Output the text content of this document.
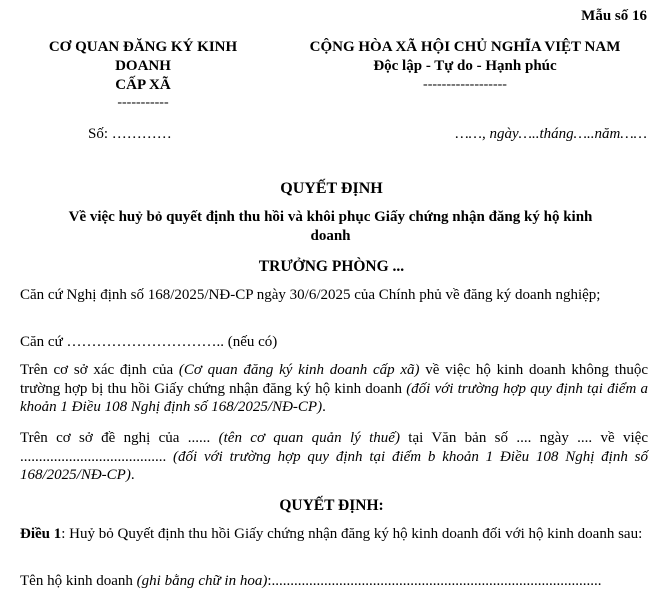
Mẫu số 16
CƠ QUAN ĐĂNG KÝ KINH
DOANH
CẤP XÃ
-----------
CỘNG HÒA XÃ HỘI CHỦ NGHĨA VIỆT NAM
Độc lập - Tự do - Hạnh phúc
------------------
Số: …………	……, ngày…..tháng…..năm……
QUYẾT ĐỊNH
Về việc huỷ bỏ quyết định thu hồi và khôi phục Giấy chứng nhận đăng ký hộ kinh
doanh
TRƯỞNG PHÒNG ...
Căn cứ Nghị định số 168/2025/NĐ-CP ngày 30/6/2025 của Chính phủ về đăng ký doanh nghiệp;
Căn cứ ………………………….. (nếu có)
Trên cơ sở xác định của (Cơ quan đăng ký kinh doanh cấp xã) về việc hộ kinh doanh không thuộc trường hợp bị thu hồi Giấy chứng nhận đăng ký hộ kinh doanh (đối với trường hợp quy định tại điểm a khoản 1 Điều 108 Nghị định số 168/2025/NĐ-CP).
Trên cơ sở đề nghị của ...... (tên cơ quan quản lý thuế) tại Văn bản số .... ngày .... về việc ....................................... (đối với trường hợp quy định tại điểm b khoản 1 Điều 108 Nghị định số 168/2025/NĐ-CP).
QUYẾT ĐỊNH:
Điều 1: Huỷ bỏ Quyết định thu hồi Giấy chứng nhận đăng ký hộ kinh doanh đối với hộ kinh doanh sau:
Tên hộ kinh doanh (ghi bằng chữ in hoa):........................................................................................
